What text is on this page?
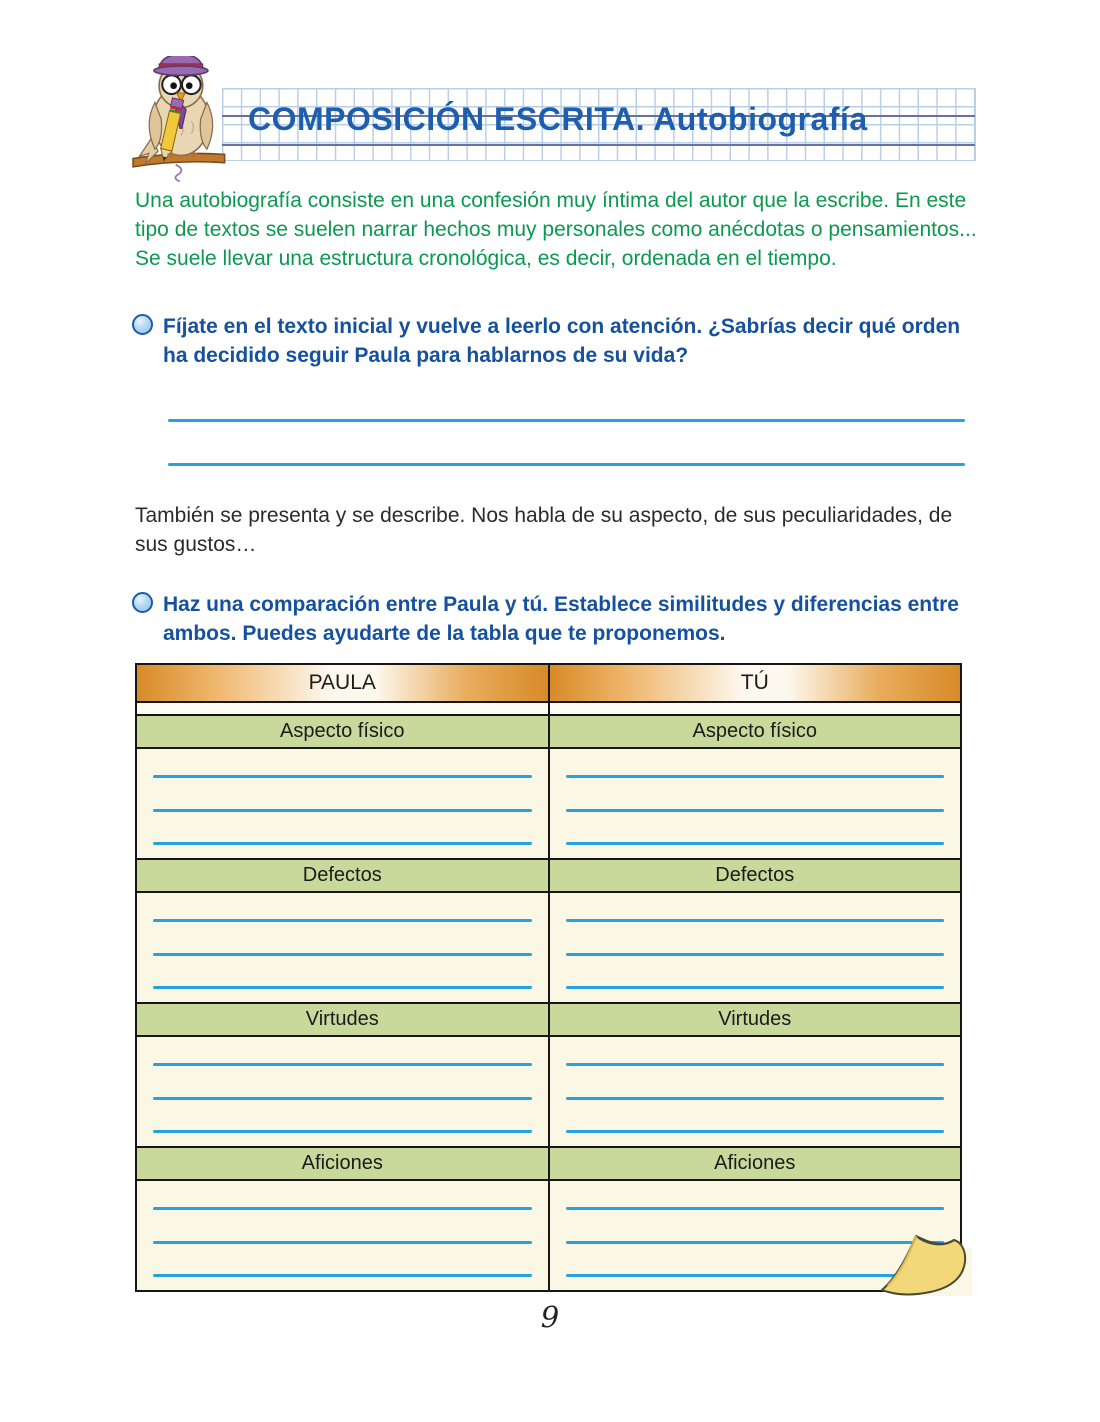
COMPOSICIÓN ESCRITA. Autobiografía
Una autobiografía consiste en una confesión muy íntima del autor que la escribe. En este tipo de textos se suelen narrar hechos muy personales como anécdotas o pensamientos... Se suele llevar una estructura cronológica, es decir, ordenada en el tiempo.
Fíjate en el texto inicial y vuelve a leerlo con atención. ¿Sabrías decir qué orden ha decidido seguir Paula para hablarnos de su vida?
También se presenta y se describe. Nos habla de su aspecto, de sus peculiaridades, de sus gustos…
Haz una comparación entre Paula y tú. Establece similitudes y diferencias entre ambos. Puedes ayudarte de la tabla que te proponemos.
PAULA	TÚ
Aspecto físico	Aspecto físico
Defectos	Defectos
Virtudes	Virtudes
Aficiones	Aficiones
9
